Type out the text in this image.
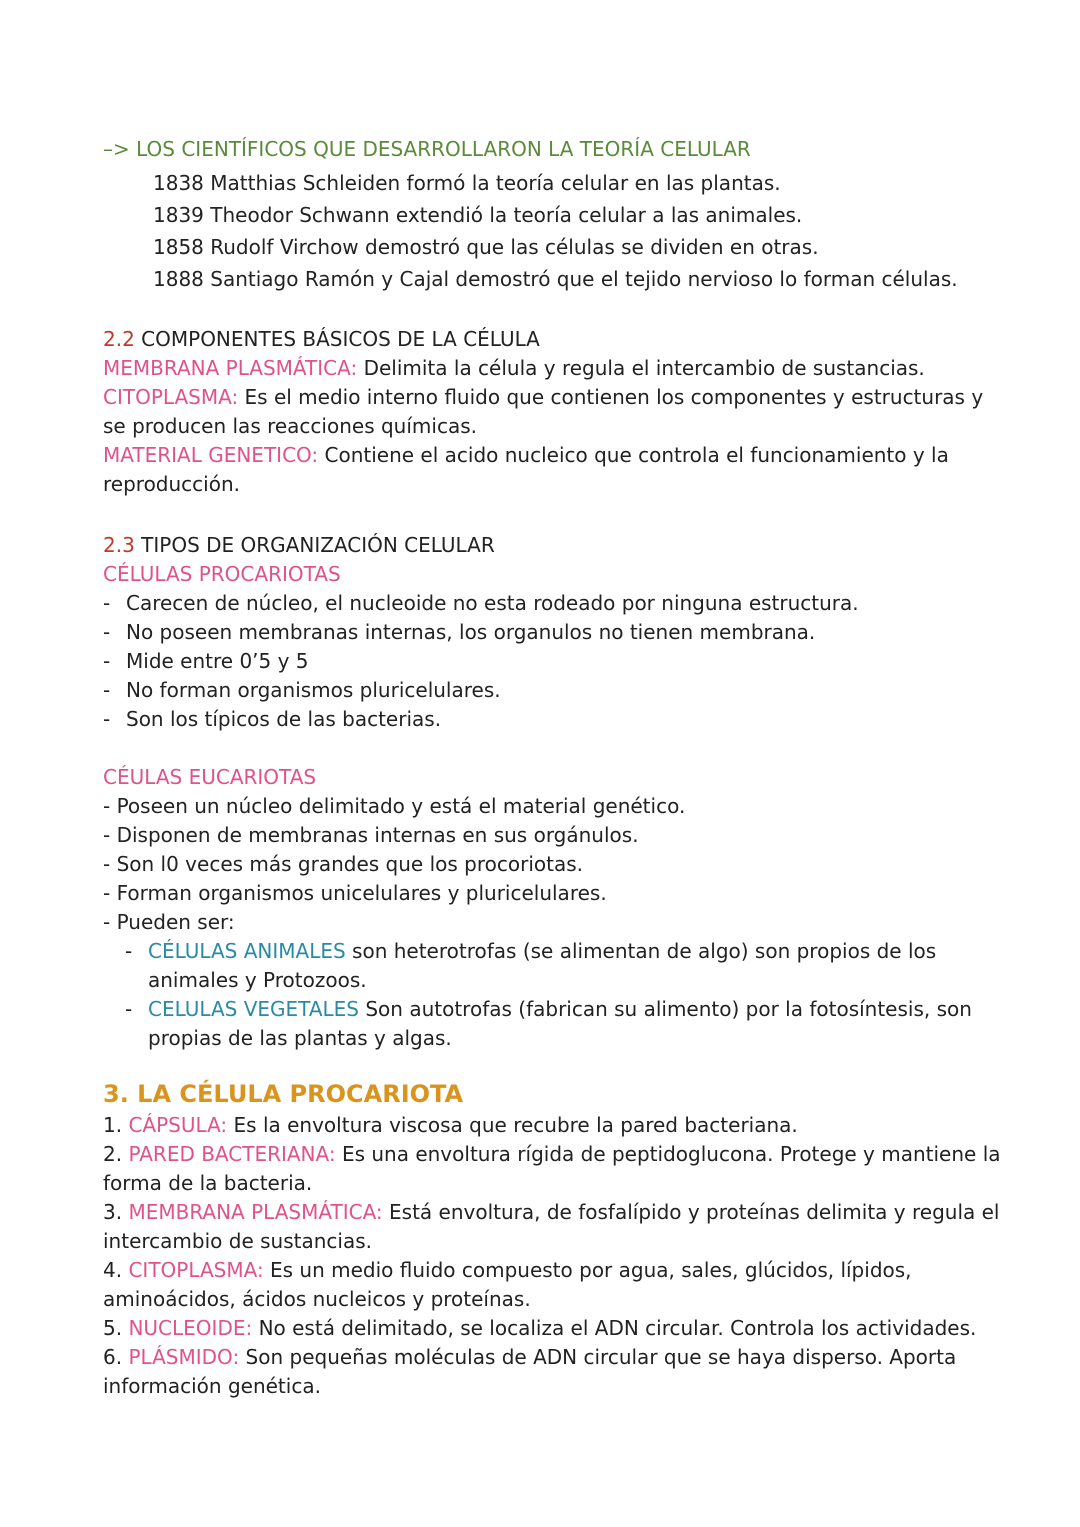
–> LOS CIENTÍFICOS QUE DESARROLLARON LA TEORÍA CELULAR
1838 Matthias Schleiden formó la teoría celular en las plantas.
1839 Theodor Schwann extendió la teoría celular a las animales.
1858 Rudolf Virchow demostró que las células se dividen en otras.
1888 Santiago Ramón y Cajal demostró que el tejido nervioso lo forman células.
2.2 COMPONENTES BÁSICOS DE LA CÉLULA
MEMBRANA PLASMÁTICA: Delimita la célula y regula el intercambio de sustancias.
CITOPLASMA: Es el medio interno fluido que contienen los componentes y estructuras y se producen las reacciones químicas.
MATERIAL GENETICO: Contiene el acido nucleico que controla el funcionamiento y la reproducción.
2.3 TIPOS DE ORGANIZACIÓN CELULAR
CÉLULAS PROCARIOTAS
- Carecen de núcleo, el nucleoide no esta rodeado por ninguna estructura.
- No poseen membranas internas, los organulos no tienen membrana.
- Mide entre 0’5 y 5
- No forman organismos pluricelulares.
- Son los típicos de las bacterias.
CÉULAS EUCARIOTAS
- Poseen un núcleo delimitado y está el material genético.
- Disponen de membranas internas en sus orgánulos.
- Son l0 veces más grandes que los procoriotas.
- Forman organismos unicelulares y pluricelulares.
- Pueden ser:
- CÉLULAS ANIMALES son heterotrofas (se alimentan de algo) son propios de los animales y Protozoos.
- CELULAS VEGETALES Son autotrofas (fabrican su alimento) por la fotosíntesis, son propias de las plantas y algas.
3. LA CÉLULA PROCARIOTA
1. CÁPSULA: Es la envoltura viscosa que recubre la pared bacteriana.
2. PARED BACTERIANA: Es una envoltura rígida de peptidoglucona. Protege y mantiene la forma de la bacteria.
3. MEMBRANA PLASMÁTICA: Está envoltura, de fosfalípido y proteínas delimita y regula el intercambio de sustancias.
4. CITOPLASMA: Es un medio fluido compuesto por agua, sales, glúcidos, lípidos, aminoácidos, ácidos nucleicos y proteínas.
5. NUCLEOIDE: No está delimitado, se localiza el ADN circular. Controla los actividades.
6. PLÁSMIDO: Son pequeñas moléculas de ADN circular que se haya disperso. Aporta información genética.
